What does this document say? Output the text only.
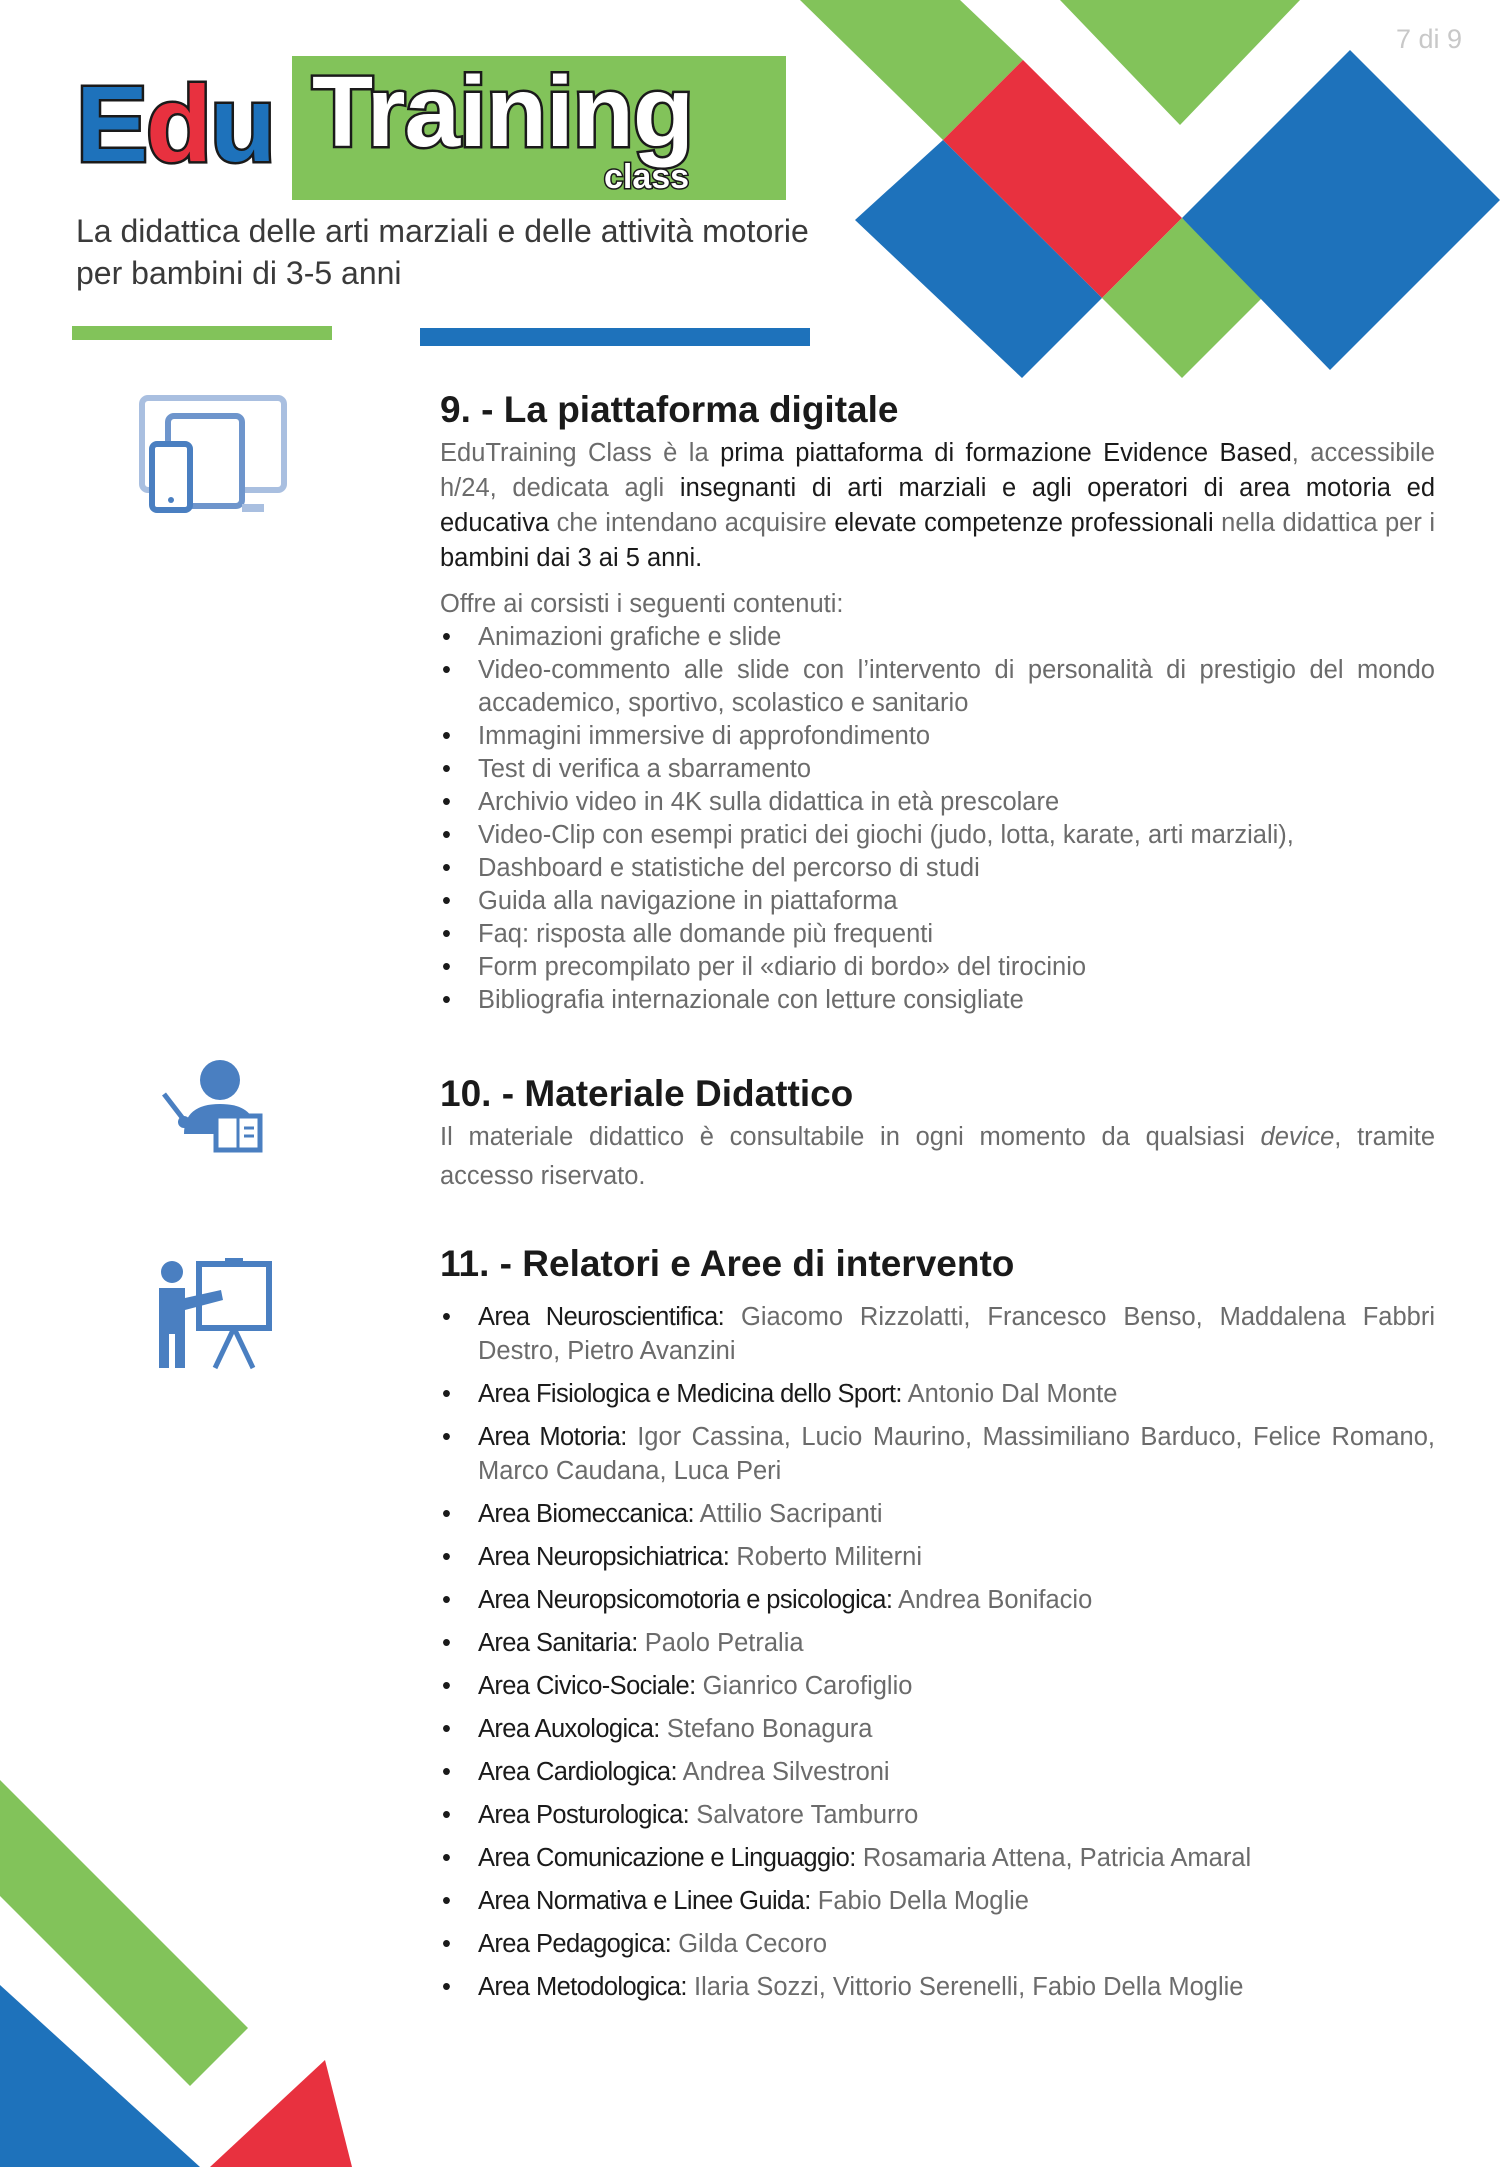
7 di 9
Edu Training
class
La didattica delle arti marziali e delle attività motorie per bambini di 3-5 anni
9. - La piattaforma digitale

EduTraining Class è la prima piattaforma di formazione Evidence Based, accessibile h/24, dedicata agli insegnanti di arti marziali e agli operatori di area motoria ed educativa che intendano acquisire elevate competenze professionali nella didattica per i bambini dai 3 ai 5 anni.

Offre ai corsisti i seguenti contenuti:

• Animazioni grafiche e slide
• Video-commento alle slide con l’intervento di personalità di prestigio del mondo accademico, sportivo, scolastico e sanitario
• Immagini immersive di approfondimento
• Test di verifica a sbarramento
• Archivio video in 4K sulla didattica in età prescolare
• Video-Clip con esempi pratici dei giochi (judo, lotta, karate, arti marziali),
• Dashboard e statistiche del percorso di studi
• Guida alla navigazione in piattaforma
• Faq: risposta alle domande più frequenti
• Form precompilato per il «diario di bordo» del tirocinio
• Bibliografia internazionale con letture consigliate
10. - Materiale Didattico

Il materiale didattico è consultabile in ogni momento da qualsiasi device, tramite accesso riservato.

11. - Relatori e Aree di intervento
• Area Neuroscientifica: Giacomo Rizzolatti, Francesco Benso, Maddalena Fabbri Destro, Pietro Avanzini
• Area Fisiologica e Medicina dello Sport: Antonio Dal Monte
• Area Motoria: Igor Cassina, Lucio Maurino, Massimiliano Barduco, Felice Romano, Marco Caudana, Luca Peri
• Area Biomeccanica: Attilio Sacripanti
• Area Neuropsichiatrica: Roberto Militerni
• Area Neuropsicomotoria e psicologica: Andrea Bonifacio
• Area Sanitaria: Paolo Petralia
• Area Civico-Sociale: Gianrico Carofiglio
• Area Auxologica: Stefano Bonagura
• Area Cardiologica: Andrea Silvestroni
• Area Posturologica: Salvatore Tamburro
• Area Comunicazione e Linguaggio: Rosamaria Attena, Patricia Amaral
• Area Normativa e Linee Guida: Fabio Della Moglie
• Area Pedagogica: Gilda Cecoro
• Area Metodologica: Ilaria Sozzi, Vittorio Serenelli, Fabio Della Moglie
